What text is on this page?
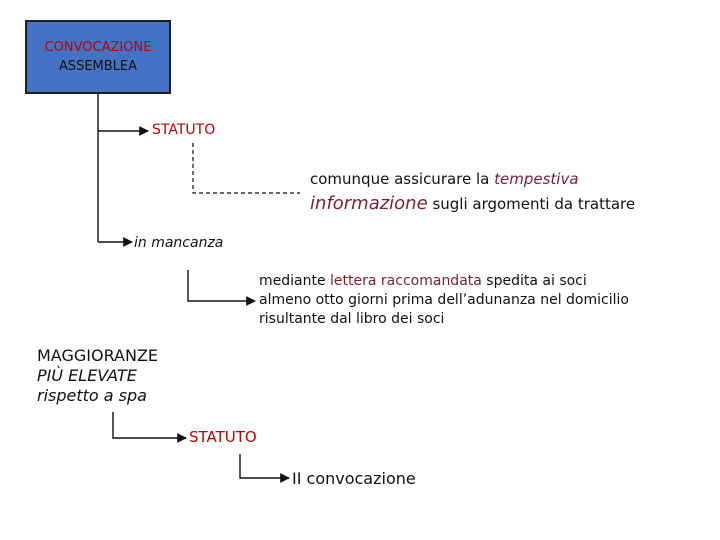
CONVOCAZIONE
ASSEMBLEA
STATUTO
comunque assicurare la tempestiva
informazione sugli argomenti da trattare
in mancanza
mediante lettera raccomandata spedita ai soci
almeno otto giorni prima dell’adunanza nel domicilio
risultante dal libro dei soci
MAGGIORANZE
PIÙ ELEVATE
rispetto a spa
STATUTO
II convocazione
